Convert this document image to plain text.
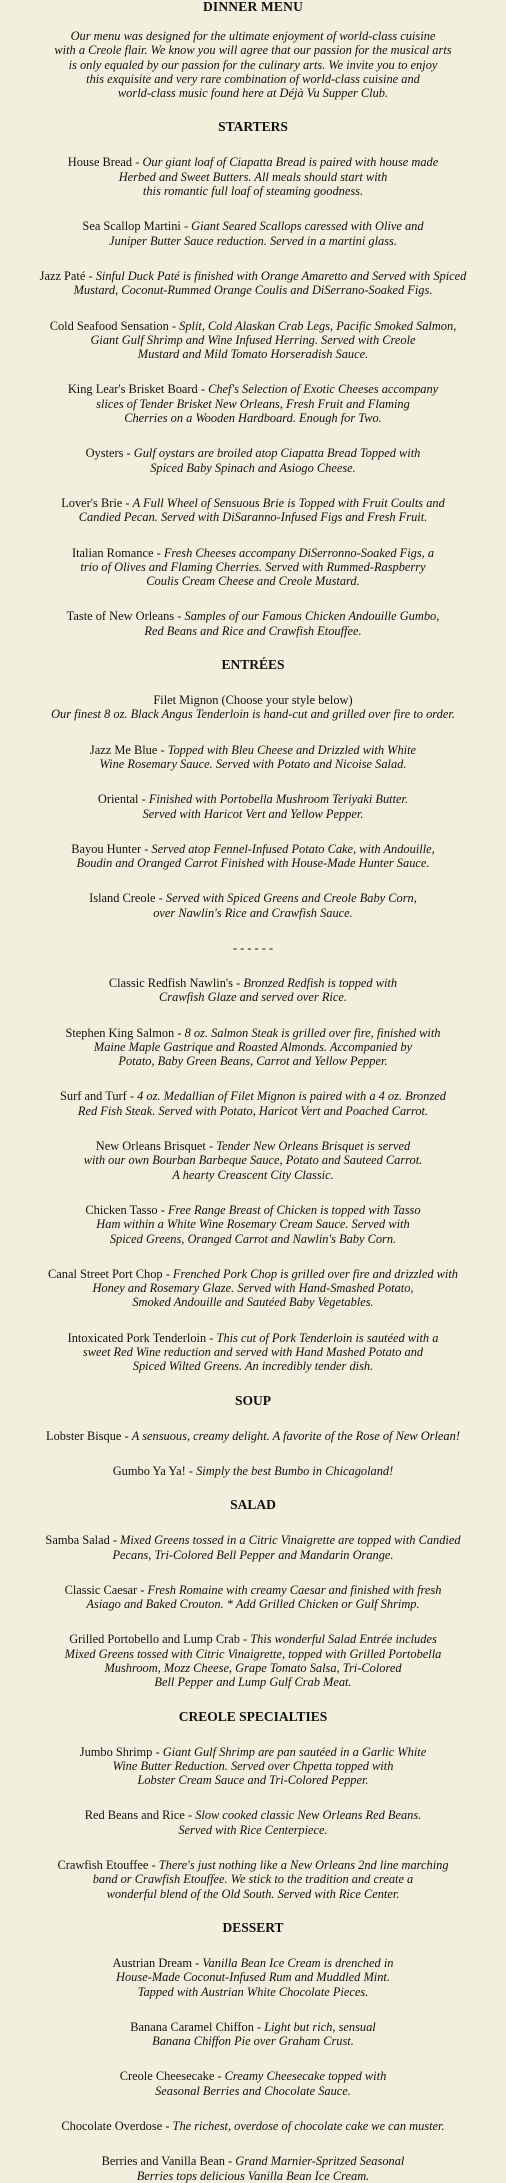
DINNER MENU

Our menu was designed for the ultimate enjoyment of world-class cuisine
with a Creole flair. We know you will agree that our passion for the musical arts
is only equaled by our passion for the culinary arts. We invite you to enjoy
this exquisite and very rare combination of world-class cuisine and
world-class music found here at Déjà Vu Supper Club.

STARTERS

House Bread - Our giant loaf of Ciapatta Bread is paired with house made
Herbed and Sweet Butters. All meals should start with
this romantic full loaf of steaming goodness.

Sea Scallop Martini - Giant Seared Scallops caressed with Olive and
Juniper Butter Sauce reduction. Served in a martini glass.

Jazz Paté - Sinful Duck Paté is finished with Orange Amaretto and Served with Spiced
Mustard, Coconut-Rummed Orange Coulis and DiSerrano-Soaked Figs.

Cold Seafood Sensation - Split, Cold Alaskan Crab Legs, Pacific Smoked Salmon,
Giant Gulf Shrimp and Wine Infused Herring. Served with Creole
Mustard and Mild Tomato Horseradish Sauce.

King Lear's Brisket Board - Chef's Selection of Exotic Cheeses accompany
slices of Tender Brisket New Orleans, Fresh Fruit and Flaming
Cherries on a Wooden Hardboard. Enough for Two.

Oysters - Gulf oystars are broiled atop Ciapatta Bread Topped with
Spiced Baby Spinach and Asiogo Cheese.

Lover's Brie - A Full Wheel of Sensuous Brie is Topped with Fruit Coults and
Candied Pecan. Served with DiSaranno-Infused Figs and Fresh Fruit.

Italian Romance - Fresh Cheeses accompany DiSerronno-Soaked Figs, a
trio of Olives and Flaming Cherries. Served with Rummed-Raspberry
Coulis Cream Cheese and Creole Mustard.

Taste of New Orleans - Samples of our Famous Chicken Andouille Gumbo,
Red Beans and Rice and Crawfish Etouffee.

ENTRÉES

Filet Mignon (Choose your style below)
Our finest 8 oz. Black Angus Tenderloin is hand-cut and grilled over fire to order.

Jazz Me Blue - Topped with Bleu Cheese and Drizzled with White
Wine Rosemary Sauce. Served with Potato and Nicoise Salad.

Oriental - Finished with Portobella Mushroom Teriyaki Butter.
Served with Haricot Vert and Yellow Pepper.

Bayou Hunter - Served atop Fennel-Infused Potato Cake, with Andouille,
Boudin and Oranged Carrot Finished with House-Made Hunter Sauce.

Island Creole - Served with Spiced Greens and Creole Baby Corn,
over Nawlin's Rice and Crawfish Sauce.

- - - - - -

Classic Redfish Nawlin's - Bronzed Redfish is topped with
Crawfish Glaze and served over Rice.

Stephen King Salmon - 8 oz. Salmon Steak is grilled over fire, finished with
Maine Maple Gastrique and Roasted Almonds. Accompanied by
Potato, Baby Green Beans, Carrot and Yellow Pepper.

Surf and Turf - 4 oz. Medallian of Filet Mignon is paired with a 4 oz. Bronzed
Red Fish Steak. Served with Potato, Haricot Vert and Poached Carrot.

New Orleans Brisquet - Tender New Orleans Brisquet is served
with our own Bourban Barbeque Sauce, Potato and Sauteed Carrot.
A hearty Creascent City Classic.

Chicken Tasso - Free Range Breast of Chicken is topped with Tasso
Ham within a White Wine Rosemary Cream Sauce. Served with
Spiced Greens, Oranged Carrot and Nawlin's Baby Corn.

Canal Street Port Chop - Frenched Pork Chop is grilled over fire and drizzled with
Honey and Rosemary Glaze. Served with Hand-Smashed Potato,
Smoked Andouille and Sautéed Baby Vegetables.

Intoxicated Pork Tenderloin - This cut of Pork Tenderloin is sautéed with a
sweet Red Wine reduction and served with Hand Mashed Potato and
Spiced Wilted Greens. An incredibly tender dish.

SOUP

Lobster Bisque - A sensuous, creamy delight. A favorite of the Rose of New Orlean!

Gumbo Ya Ya! - Simply the best Bumbo in Chicagoland!

SALAD

Samba Salad - Mixed Greens tossed in a Citric Vinaigrette are topped with Candied
Pecans, Tri-Colored Bell Pepper and Mandarin Orange.

Classic Caesar - Fresh Romaine with creamy Caesar and finished with fresh
Asiago and Baked Crouton. * Add Grilled Chicken or Gulf Shrimp.

Grilled Portobello and Lump Crab - This wonderful Salad Entrée includes
Mixed Greens tossed with Citric Vinaigrette, topped with Grilled Portobella
Mushroom, Mozz Cheese, Grape Tomato Salsa, Tri-Colored
Bell Pepper and Lump Gulf Crab Meat.

CREOLE SPECIALTIES

Jumbo Shrimp - Giant Gulf Shrimp are pan sautéed in a Garlic White
Wine Butter Reduction. Served over Chpetta topped with
Lobster Cream Sauce and Tri-Colored Pepper.

Red Beans and Rice - Slow cooked classic New Orleans Red Beans.
Served with Rice Centerpiece.

Crawfish Etouffee - There's just nothing like a New Orleans 2nd line marching
band or Crawfish Etouffee. We stick to the tradition and create a
wonderful blend of the Old South. Served with Rice Center.

DESSERT

Austrian Dream - Vanilla Bean Ice Cream is drenched in
House-Made Coconut-Infused Rum and Muddled Mint.
Tapped with Austrian White Chocolate Pieces.

Banana Caramel Chiffon - Light but rich, sensual
Banana Chiffon Pie over Graham Crust.

Creole Cheesecake - Creamy Cheesecake topped with
Seasonal Berries and Chocolate Sauce.

Chocolate Overdose - The richest, overdose of chocolate cake we can muster.

Berries and Vanilla Bean - Grand Marnier-Spritzed Seasonal
Berries tops delicious Vanilla Bean Ice Cream.
